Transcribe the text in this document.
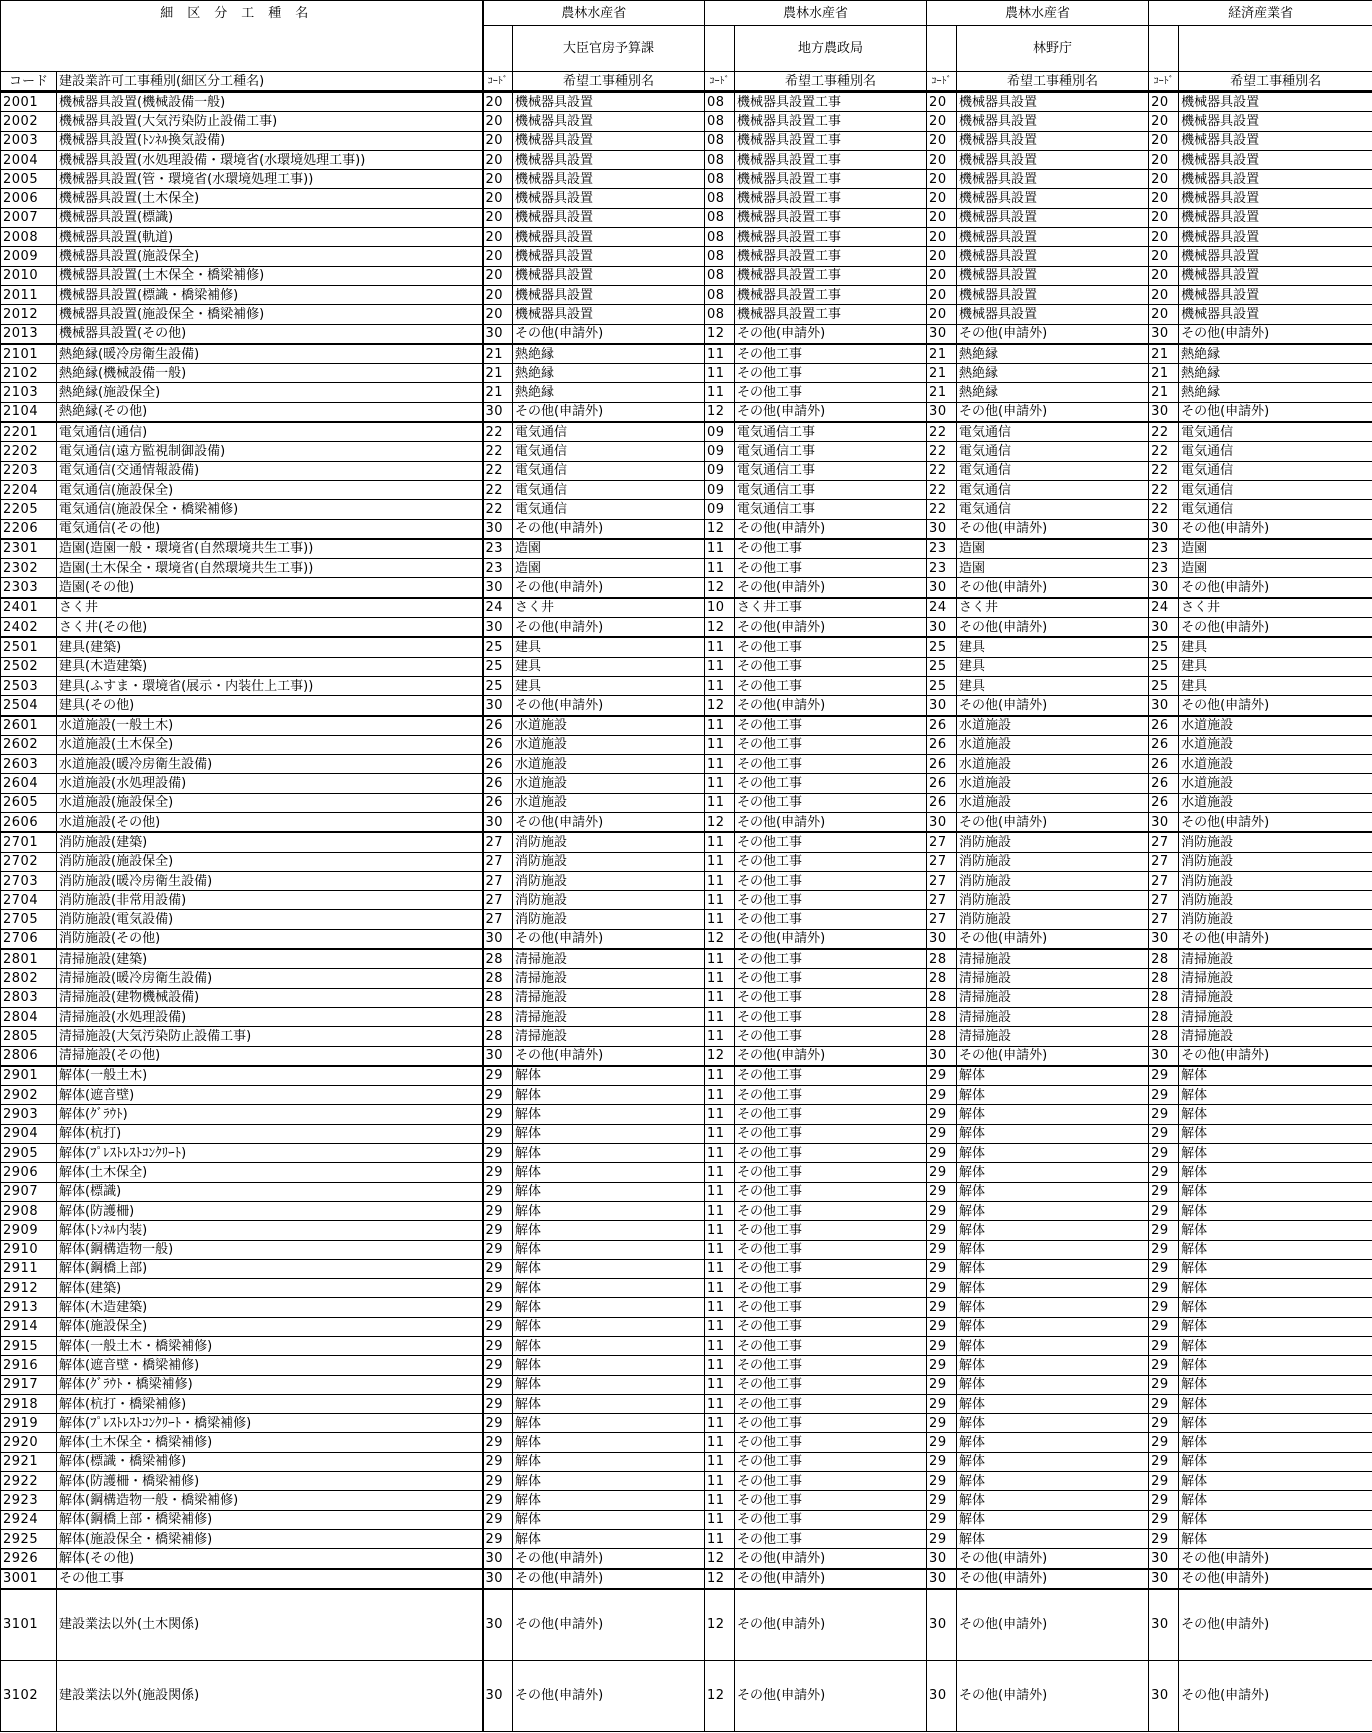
細区分工種名		農林水産省		農林水産省		農林水産省		経済産業省	
			大臣官房予算課		地方農政局		林野庁		
コード	建設業許可工事種別(細区分工種名)	ｺｰﾄﾞ	希望工事種別名	ｺｰﾄﾞ	希望工事種別名	ｺｰﾄﾞ	希望工事種別名	ｺｰﾄﾞ	希望工事種別名
2001	機械器具設置(機械設備一般)	20	機械器具設置	08	機械器具設置工事	20	機械器具設置	20	機械器具設置
2002	機械器具設置(大気汚染防止設備工事)	20	機械器具設置	08	機械器具設置工事	20	機械器具設置	20	機械器具設置
2003	機械器具設置(ﾄﾝﾈﾙ換気設備)	20	機械器具設置	08	機械器具設置工事	20	機械器具設置	20	機械器具設置
2004	機械器具設置(水処理設備・環境省(水環境処理工事))	20	機械器具設置	08	機械器具設置工事	20	機械器具設置	20	機械器具設置
2005	機械器具設置(管・環境省(水環境処理工事))	20	機械器具設置	08	機械器具設置工事	20	機械器具設置	20	機械器具設置
2006	機械器具設置(土木保全)	20	機械器具設置	08	機械器具設置工事	20	機械器具設置	20	機械器具設置
2007	機械器具設置(標識)	20	機械器具設置	08	機械器具設置工事	20	機械器具設置	20	機械器具設置
2008	機械器具設置(軌道)	20	機械器具設置	08	機械器具設置工事	20	機械器具設置	20	機械器具設置
2009	機械器具設置(施設保全)	20	機械器具設置	08	機械器具設置工事	20	機械器具設置	20	機械器具設置
2010	機械器具設置(土木保全・橋梁補修)	20	機械器具設置	08	機械器具設置工事	20	機械器具設置	20	機械器具設置
2011	機械器具設置(標識・橋梁補修)	20	機械器具設置	08	機械器具設置工事	20	機械器具設置	20	機械器具設置
2012	機械器具設置(施設保全・橋梁補修)	20	機械器具設置	08	機械器具設置工事	20	機械器具設置	20	機械器具設置
2013	機械器具設置(その他)	30	その他(申請外)	12	その他(申請外)	30	その他(申請外)	30	その他(申請外)
2101	熱絶縁(暖冷房衛生設備)	21	熱絶縁	11	その他工事	21	熱絶縁	21	熱絶縁
2102	熱絶縁(機械設備一般)	21	熱絶縁	11	その他工事	21	熱絶縁	21	熱絶縁
2103	熱絶縁(施設保全)	21	熱絶縁	11	その他工事	21	熱絶縁	21	熱絶縁
2104	熱絶縁(その他)	30	その他(申請外)	12	その他(申請外)	30	その他(申請外)	30	その他(申請外)
2201	電気通信(通信)	22	電気通信	09	電気通信工事	22	電気通信	22	電気通信
2202	電気通信(遠方監視制御設備)	22	電気通信	09	電気通信工事	22	電気通信	22	電気通信
2203	電気通信(交通情報設備)	22	電気通信	09	電気通信工事	22	電気通信	22	電気通信
2204	電気通信(施設保全)	22	電気通信	09	電気通信工事	22	電気通信	22	電気通信
2205	電気通信(施設保全・橋梁補修)	22	電気通信	09	電気通信工事	22	電気通信	22	電気通信
2206	電気通信(その他)	30	その他(申請外)	12	その他(申請外)	30	その他(申請外)	30	その他(申請外)
2301	造園(造園一般・環境省(自然環境共生工事))	23	造園	11	その他工事	23	造園	23	造園
2302	造園(土木保全・環境省(自然環境共生工事))	23	造園	11	その他工事	23	造園	23	造園
2303	造園(その他)	30	その他(申請外)	12	その他(申請外)	30	その他(申請外)	30	その他(申請外)
2401	さく井	24	さく井	10	さく井工事	24	さく井	24	さく井
2402	さく井(その他)	30	その他(申請外)	12	その他(申請外)	30	その他(申請外)	30	その他(申請外)
2501	建具(建築)	25	建具	11	その他工事	25	建具	25	建具
2502	建具(木造建築)	25	建具	11	その他工事	25	建具	25	建具
2503	建具(ふすま・環境省(展示・内装仕上工事))	25	建具	11	その他工事	25	建具	25	建具
2504	建具(その他)	30	その他(申請外)	12	その他(申請外)	30	その他(申請外)	30	その他(申請外)
2601	水道施設(一般土木)	26	水道施設	11	その他工事	26	水道施設	26	水道施設
2602	水道施設(土木保全)	26	水道施設	11	その他工事	26	水道施設	26	水道施設
2603	水道施設(暖冷房衛生設備)	26	水道施設	11	その他工事	26	水道施設	26	水道施設
2604	水道施設(水処理設備)	26	水道施設	11	その他工事	26	水道施設	26	水道施設
2605	水道施設(施設保全)	26	水道施設	11	その他工事	26	水道施設	26	水道施設
2606	水道施設(その他)	30	その他(申請外)	12	その他(申請外)	30	その他(申請外)	30	その他(申請外)
2701	消防施設(建築)	27	消防施設	11	その他工事	27	消防施設	27	消防施設
2702	消防施設(施設保全)	27	消防施設	11	その他工事	27	消防施設	27	消防施設
2703	消防施設(暖冷房衛生設備)	27	消防施設	11	その他工事	27	消防施設	27	消防施設
2704	消防施設(非常用設備)	27	消防施設	11	その他工事	27	消防施設	27	消防施設
2705	消防施設(電気設備)	27	消防施設	11	その他工事	27	消防施設	27	消防施設
2706	消防施設(その他)	30	その他(申請外)	12	その他(申請外)	30	その他(申請外)	30	その他(申請外)
2801	清掃施設(建築)	28	清掃施設	11	その他工事	28	清掃施設	28	清掃施設
2802	清掃施設(暖冷房衛生設備)	28	清掃施設	11	その他工事	28	清掃施設	28	清掃施設
2803	清掃施設(建物機械設備)	28	清掃施設	11	その他工事	28	清掃施設	28	清掃施設
2804	清掃施設(水処理設備)	28	清掃施設	11	その他工事	28	清掃施設	28	清掃施設
2805	清掃施設(大気汚染防止設備工事)	28	清掃施設	11	その他工事	28	清掃施設	28	清掃施設
2806	清掃施設(その他)	30	その他(申請外)	12	その他(申請外)	30	その他(申請外)	30	その他(申請外)
2901	解体(一般土木)	29	解体	11	その他工事	29	解体	29	解体
2902	解体(遮音壁)	29	解体	11	その他工事	29	解体	29	解体
2903	解体(ｸﾞﾗｳﾄ)	29	解体	11	その他工事	29	解体	29	解体
2904	解体(杭打)	29	解体	11	その他工事	29	解体	29	解体
2905	解体(ﾌﾟﾚｽﾄﾚｽﾄｺﾝｸﾘｰﾄ)	29	解体	11	その他工事	29	解体	29	解体
2906	解体(土木保全)	29	解体	11	その他工事	29	解体	29	解体
2907	解体(標識)	29	解体	11	その他工事	29	解体	29	解体
2908	解体(防護柵)	29	解体	11	その他工事	29	解体	29	解体
2909	解体(ﾄﾝﾈﾙ内装)	29	解体	11	その他工事	29	解体	29	解体
2910	解体(鋼構造物一般)	29	解体	11	その他工事	29	解体	29	解体
2911	解体(鋼橋上部)	29	解体	11	その他工事	29	解体	29	解体
2912	解体(建築)	29	解体	11	その他工事	29	解体	29	解体
2913	解体(木造建築)	29	解体	11	その他工事	29	解体	29	解体
2914	解体(施設保全)	29	解体	11	その他工事	29	解体	29	解体
2915	解体(一般土木・橋梁補修)	29	解体	11	その他工事	29	解体	29	解体
2916	解体(遮音壁・橋梁補修)	29	解体	11	その他工事	29	解体	29	解体
2917	解体(ｸﾞﾗｳﾄ・橋梁補修)	29	解体	11	その他工事	29	解体	29	解体
2918	解体(杭打・橋梁補修)	29	解体	11	その他工事	29	解体	29	解体
2919	解体(ﾌﾟﾚｽﾄﾚｽﾄｺﾝｸﾘｰﾄ・橋梁補修)	29	解体	11	その他工事	29	解体	29	解体
2920	解体(土木保全・橋梁補修)	29	解体	11	その他工事	29	解体	29	解体
2921	解体(標識・橋梁補修)	29	解体	11	その他工事	29	解体	29	解体
2922	解体(防護柵・橋梁補修)	29	解体	11	その他工事	29	解体	29	解体
2923	解体(鋼構造物一般・橋梁補修)	29	解体	11	その他工事	29	解体	29	解体
2924	解体(鋼橋上部・橋梁補修)	29	解体	11	その他工事	29	解体	29	解体
2925	解体(施設保全・橋梁補修)	29	解体	11	その他工事	29	解体	29	解体
2926	解体(その他)	30	その他(申請外)	12	その他(申請外)	30	その他(申請外)	30	その他(申請外)
3001	その他工事	30	その他(申請外)	12	その他(申請外)	30	その他(申請外)	30	その他(申請外)
3101	建設業法以外(土木関係)	30	その他(申請外)	12	その他(申請外)	30	その他(申請外)	30	その他(申請外)
3102	建設業法以外(施設関係)	30	その他(申請外)	12	その他(申請外)	30	その他(申請外)	30	その他(申請外)
